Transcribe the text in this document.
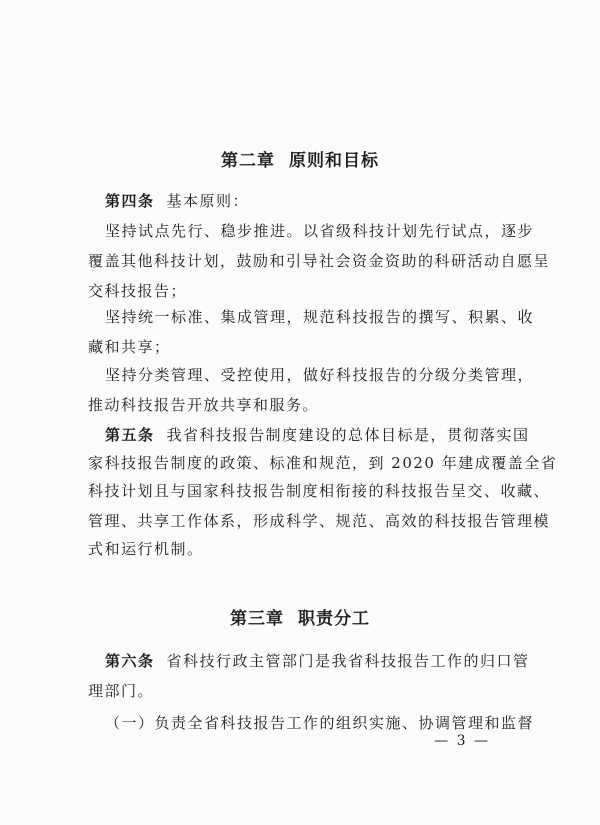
第二章 原则和目标
第四条 基本原则：
坚持试点先行、稳步推进。以省级科技计划先行试点，逐步
覆盖其他科技计划，鼓励和引导社会资金资助的科研活动自愿呈
交科技报告；
坚持统一标准、集成管理，规范科技报告的撰写、积累、收
藏和共享；
坚持分类管理、受控使用，做好科技报告的分级分类管理，
推动科技报告开放共享和服务。
第五条 我省科技报告制度建设的总体目标是，贯彻落实国
家科技报告制度的政策、标准和规范，到 2020 年建成覆盖全省
科技计划且与国家科技报告制度相衔接的科技报告呈交、收藏、
管理、共享工作体系，形成科学、规范、高效的科技报告管理模
式和运行机制。
第三章 职责分工
第六条 省科技行政主管部门是我省科技报告工作的归口管
理部门。
（一）负责全省科技报告工作的组织实施、协调管理和监督
— 3 —
